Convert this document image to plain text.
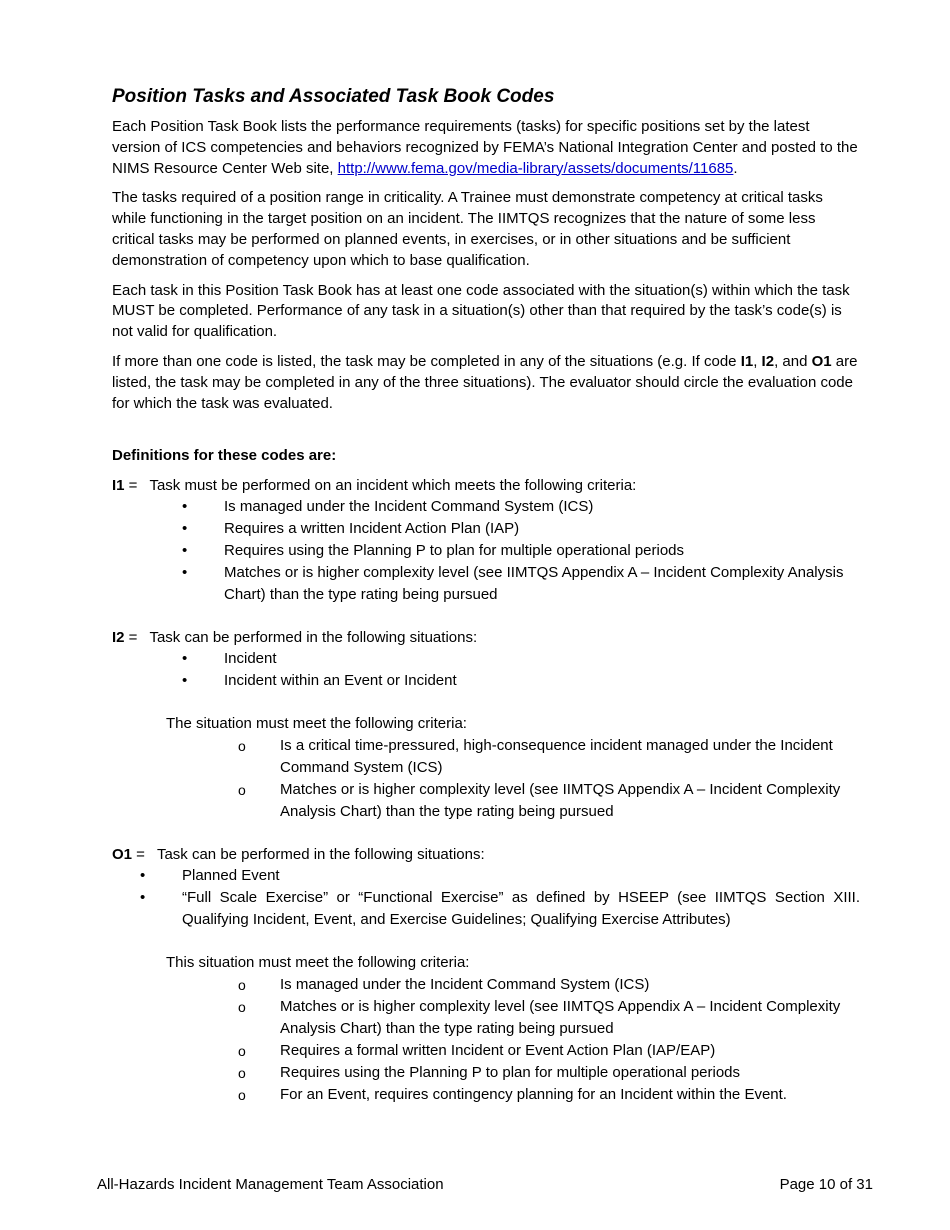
Position Tasks and Associated Task Book Codes

Each Position Task Book lists the performance requirements (tasks) for specific positions set by the latest version of ICS competencies and behaviors recognized by FEMA’s National Integration Center and posted to the NIMS Resource Center Web site, http://www.fema.gov/media-library/assets/documents/11685.

The tasks required of a position range in criticality. A Trainee must demonstrate competency at critical tasks while functioning in the target position on an incident. The IIMTQS recognizes that the nature of some less critical tasks may be performed on planned events, in exercises, or in other situations and be sufficient demonstration of competency upon which to base qualification.

Each task in this Position Task Book has at least one code associated with the situation(s) within which the task MUST be completed. Performance of any task in a situation(s) other than that required by the task’s code(s) is not valid for qualification.

If more than one code is listed, the task may be completed in any of the situations (e.g. If code I1, I2, and O1 are listed, the task may be completed in any of the three situations). The evaluator should circle the evaluation code for which the task was evaluated.

Definitions for these codes are:

I1 = Task must be performed on an incident which meets the following criteria:

• Is managed under the Incident Command System (ICS)
• Requires a written Incident Action Plan (IAP)
• Requires using the Planning P to plan for multiple operational periods
• Matches or is higher complexity level (see IIMTQS Appendix A – Incident Complexity Analysis Chart) than the type rating being pursued

I2 = Task can be performed in the following situations:

• Incident
• Incident within an Event or Incident

The situation must meet the following criteria:

o Is a critical time-pressured, high-consequence incident managed under the Incident Command System (ICS)
o Matches or is higher complexity level (see IIMTQS Appendix A – Incident Complexity Analysis Chart) than the type rating being pursued

O1 = Task can be performed in the following situations:

• Planned Event
• “Full Scale Exercise” or “Functional Exercise” as defined by HSEEP (see IIMTQS Section XIII. Qualifying Incident, Event, and Exercise Guidelines; Qualifying Exercise Attributes)

This situation must meet the following criteria:

o Is managed under the Incident Command System (ICS)
o Matches or is higher complexity level (see IIMTQS Appendix A – Incident Complexity Analysis Chart) than the type rating being pursued
o Requires a formal written Incident or Event Action Plan (IAP/EAP)
o Requires using the Planning P to plan for multiple operational periods
o For an Event, requires contingency planning for an Incident within the Event.
All-Hazards Incident Management Team Association	Page 10 of 31
